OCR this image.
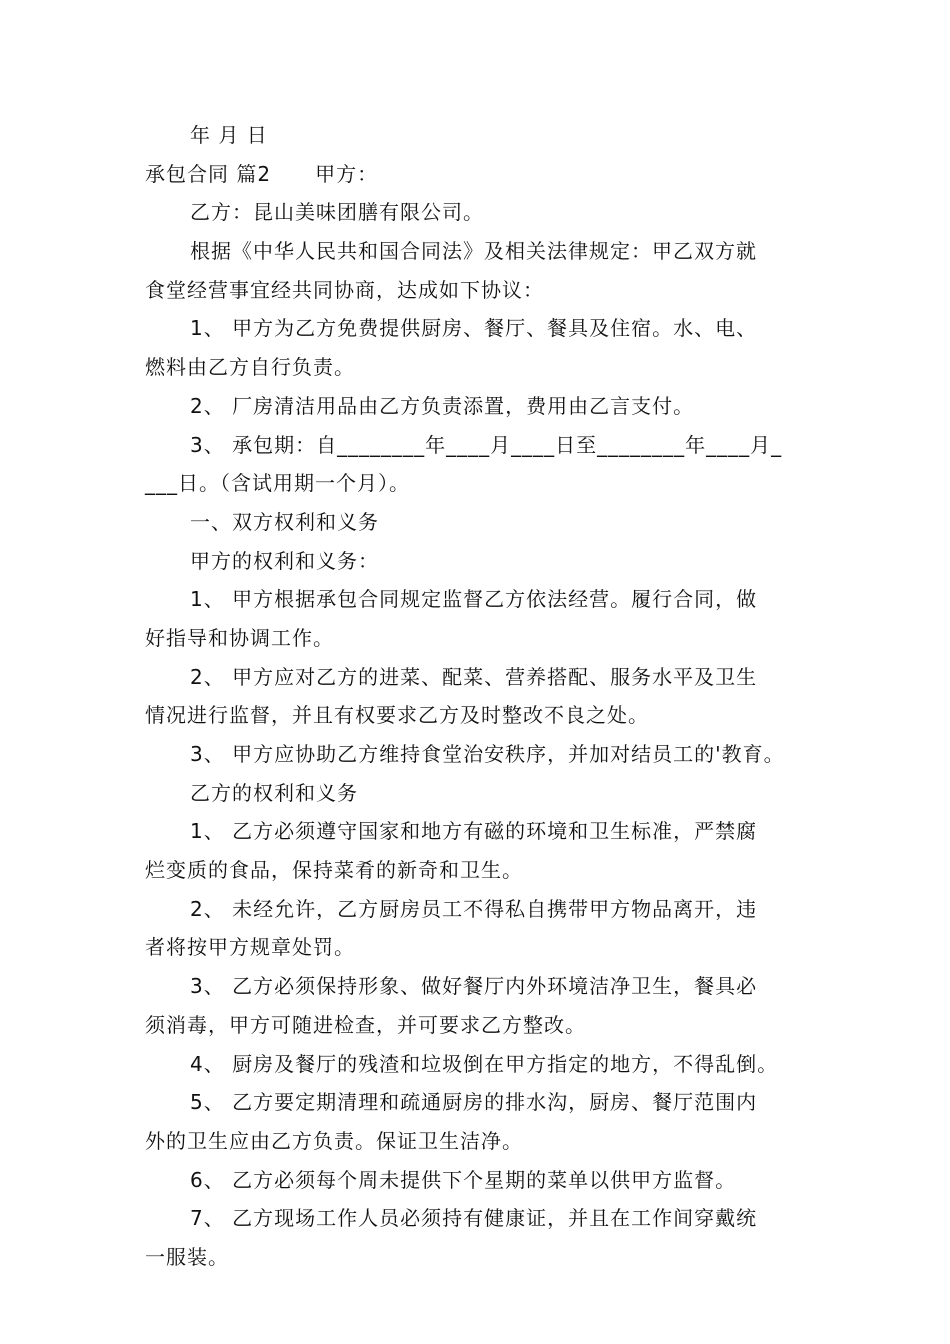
年 月 日
承包合同 篇2 甲方：
乙方：昆山美味团膳有限公司。
根据《中华人民共和国合同法》及相关法律规定：甲乙双方就
食堂经营事宜经共同协商，达成如下协议：
1、 甲方为乙方免费提供厨房、餐厅、餐具及住宿。水、电、
燃料由乙方自行负责。
2、 厂房清洁用品由乙方负责添置，费用由乙言支付。
3、 承包期：自________年____月____日至________年____月_
___日。（含试用期一个月）。
一、双方权利和义务
甲方的权利和义务：
1、 甲方根据承包合同规定监督乙方依法经营。履行合同，做
好指导和协调工作。
2、 甲方应对乙方的进菜、配菜、营养搭配、服务水平及卫生
情况进行监督，并且有权要求乙方及时整改不良之处。
3、 甲方应协助乙方维持食堂治安秩序，并加对结员工的'教育。
乙方的权利和义务
1、 乙方必须遵守国家和地方有磁的环境和卫生标准，严禁腐
烂变质的食品，保持菜肴的新奇和卫生。
2、 未经允许，乙方厨房员工不得私自携带甲方物品离开，违
者将按甲方规章处罚。
3、 乙方必须保持形象、做好餐厅内外环境洁净卫生，餐具必
须消毒，甲方可随进检查，并可要求乙方整改。
4、 厨房及餐厅的残渣和垃圾倒在甲方指定的地方，不得乱倒。
5、 乙方要定期清理和疏通厨房的排水沟，厨房、餐厅范围内
外的卫生应由乙方负责。保证卫生洁净。
6、 乙方必须每个周未提供下个星期的菜单以供甲方监督。
7、 乙方现场工作人员必须持有健康证，并且在工作间穿戴统
一服装。
